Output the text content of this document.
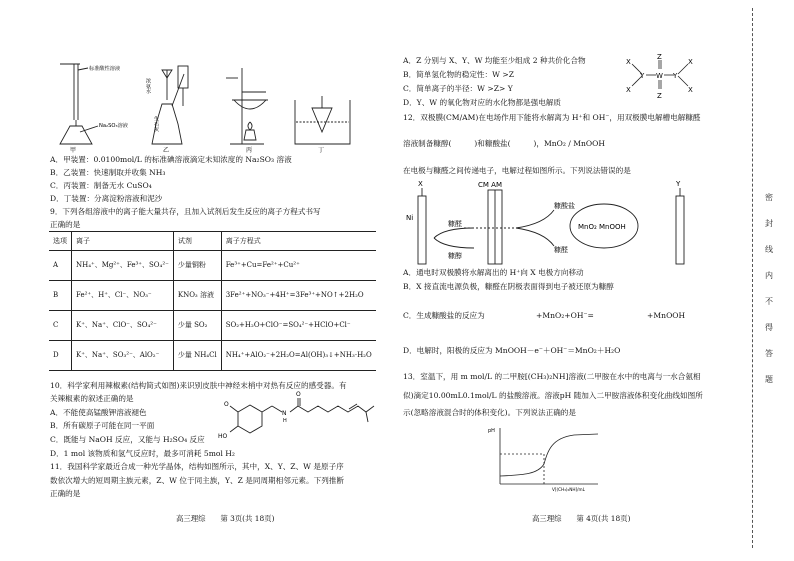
标准酸性溶液
Na₂SO₃溶液
甲
浓氨水
生石灰
乙	丙	丁
A．甲装置：0.0100mol/L 的标准碘溶液滴定未知浓度的 Na₂SO₃ 溶液
B．乙装置：快速制取并收集 NH₃
C．丙装置：制备无水 CuSO₄
D．丁装置：分离淀粉溶液和泥沙
9．下列各组溶液中的离子能大量共存，且加入试剂后发生反应的离子方程式书写
正确的是
选项	离子	试剂	离子方程式
A	NH₄⁺、Mg²⁺、Fe³⁺、SO₄²⁻	少量铜粉	Fe³⁺+Cu=Fe²⁺+Cu²⁺
B	Fe²⁺、H⁺、Cl⁻、NO₃⁻	KNO₃ 溶液	3Fe²⁺+NO₃⁻+4H⁺=3Fe³⁺+NO↑+2H₂O
C	K⁺、Na⁺、ClO⁻、SO₄²⁻	少量 SO₂	SO₂+H₂O+ClO⁻=SO₄²⁻+HClO+Cl⁻
D	K⁺、Na⁺、SO₃²⁻、AlO₂⁻	少量 NH₄Cl	NH₄⁺+AlO₂⁻+2H₂O=Al(OH)₃↓+NH₃·H₂O
10．科学家利用辣椒素(结构简式如图)来识别皮肤中神经末梢中对热有反应的感受器。有
关辣椒素的叙述正确的是
A．不能使高锰酸钾溶液褪色
B．所有碳原子可能在同一平面
C．既能与 NaOH 反应，又能与 H₂SO₄ 反应
D．1 mol 该物质和氢气反应时，最多可消耗 5mol H₂
O
HO
N
H
O
11．我国科学家最近合成一种光学晶体，结构如图所示，其中，X、Y、Z、W 是原子序
数依次增大的短周期主族元素，Z、W 位于同主族，Y、Z 是同周期相邻元素。下列推断
正确的是
高三理综　　第 3页(共 18页)
A．Z 分别与 X、Y、W 均能至少组成 2 种共价化合物
B．简单氢化物的稳定性：W >Z
C．简单离子的半径：W >Z> Y
D．Y、W 的氧化物对应的水化物都是强电解质
X
X
Y W Y
X
X
Z
Z
12．双极膜(CM/AM)在电场作用下能将水解离为 H⁺和 OH⁻，用双极膜电解槽电解糠醛
溶液制备糠醇(　　　)和糠酸盐(　　　)，MnO₂ / MnOOH
在电极与糠醛之间传递电子，电解过程如图所示。下列说法错误的是
X	CM AM	Y
Ni
糠醛
糠醇
糠酸盐
糠醛
MnO₂ MnOOH
A．通电时双极膜将水解离出的 H⁺向 X 电极方向移动
B．X 接直流电源负极，糠醛在阴极表面得到电子被还原为糠醇
C．生成糠酸盐的反应为	+MnO₂+OH⁻=　　　　　　　+MnOOH
D．电解时，阳极的反应为 MnOOH－e⁻＋OH⁻＝MnO₂＋H₂O
13．室温下，用 m mol/L 的二甲胺[(CH₃)₂NH]溶液(二甲胺在水中的电离与一水合氨相
似)滴定10.00mL0.1mol/L 的盐酸溶液。溶液pH 随加入二甲胺溶液体积变化曲线如图所
示(忽略溶液混合时的体积变化)。下列说法正确的是
pH
V[(CH₃)₂NH]/mL
高三理综　　第 4页(共 18页)
密
封
线
内
不
得
答
题
